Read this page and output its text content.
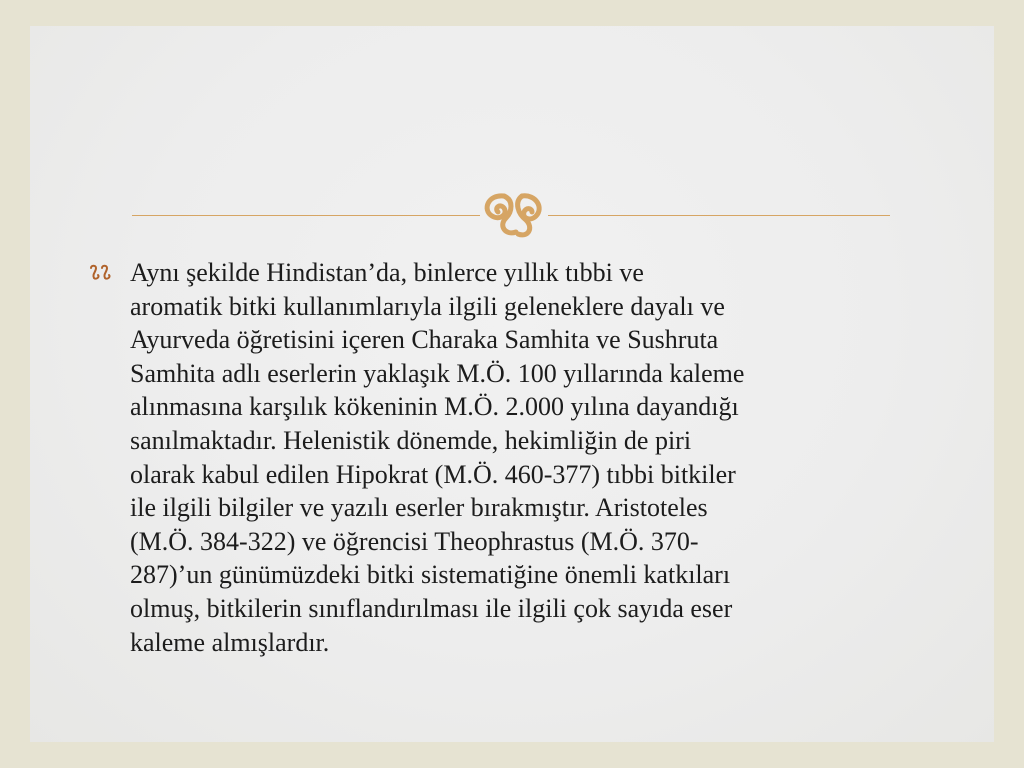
Aynı şekilde Hindistan’da, binlerce yıllık tıbbi ve
aromatik bitki kullanımlarıyla ilgili geleneklere dayalı ve
Ayurveda öğretisini içeren Charaka Samhita ve Sushruta
Samhita adlı eserlerin yaklaşık M.Ö. 100 yıllarında kaleme
alınmasına karşılık kökeninin M.Ö. 2.000 yılına dayandığı
sanılmaktadır. Helenistik dönemde, hekimliğin de piri
olarak kabul edilen Hipokrat (M.Ö. 460-377) tıbbi bitkiler
ile ilgili bilgiler ve yazılı eserler bırakmıştır. Aristoteles
(M.Ö. 384-322) ve öğrencisi Theophrastus (M.Ö. 370-
287)’un günümüzdeki bitki sistematiğine önemli katkıları
olmuş, bitkilerin sınıflandırılması ile ilgili çok sayıda eser
kaleme almışlardır.
